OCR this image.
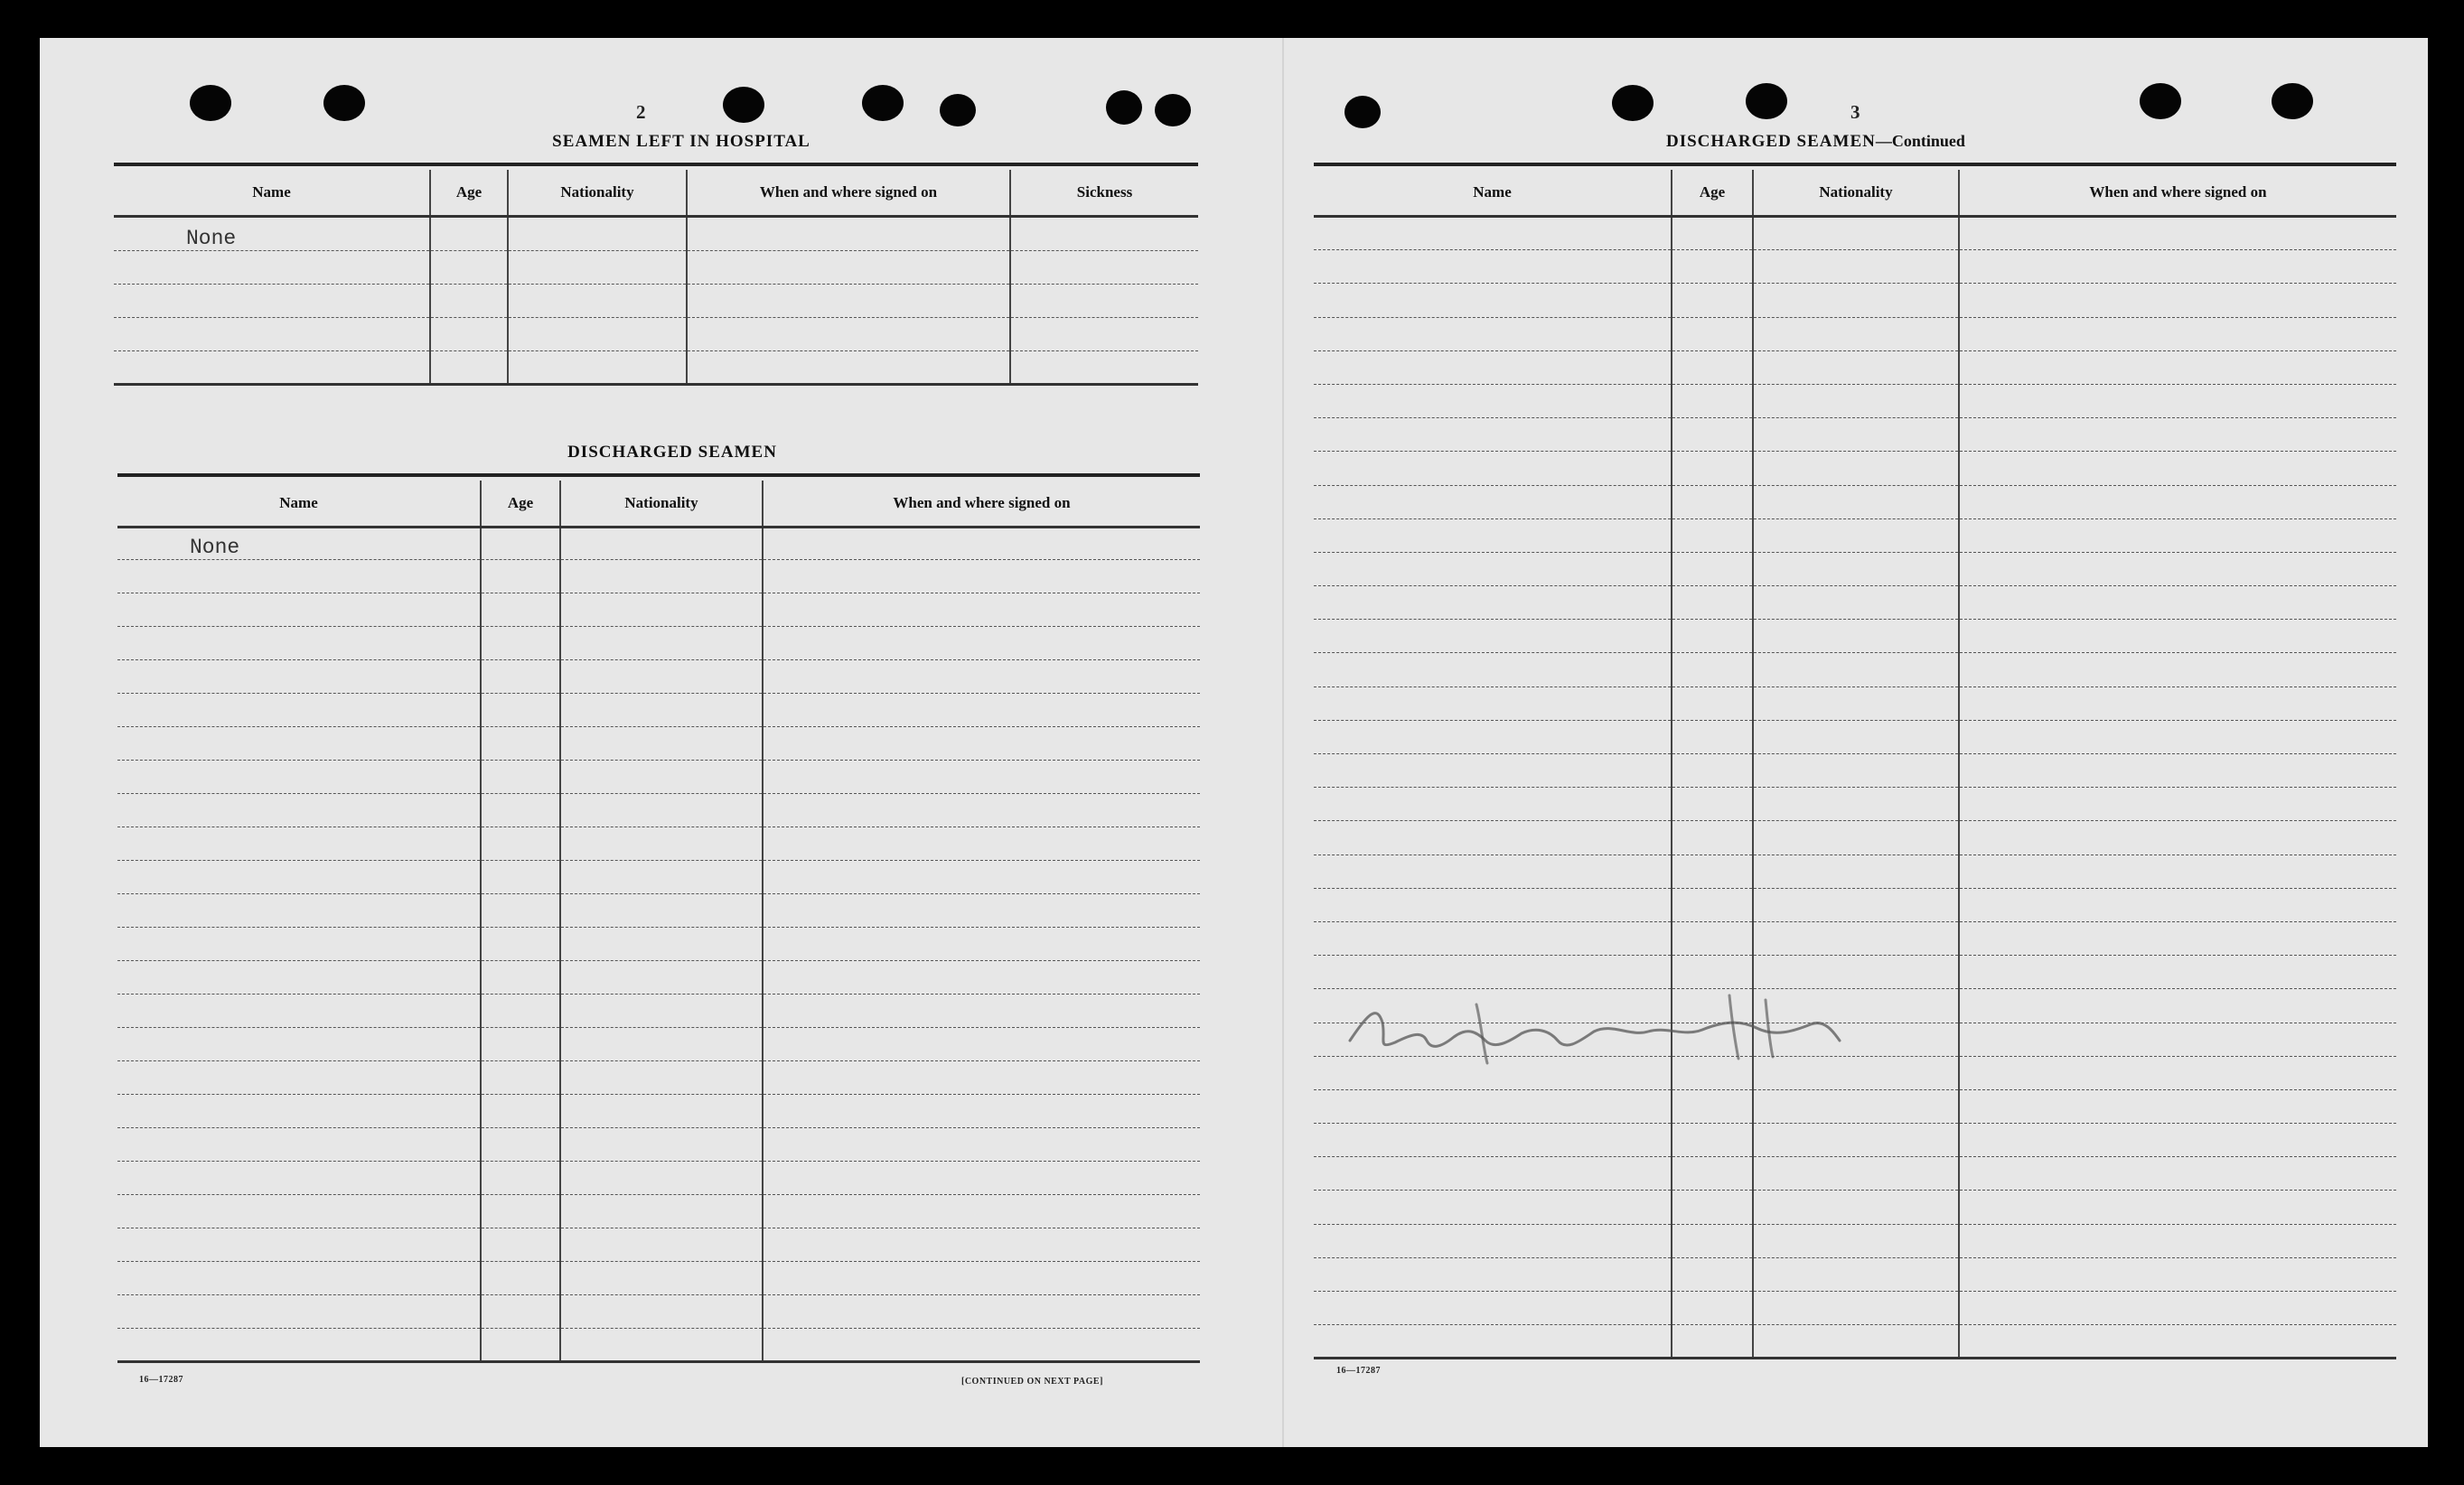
2
SEAMEN LEFT IN HOSPITAL
Name	Age	Nationality	When and where signed on	Sickness
None				

DISCHARGED SEAMEN
Name	Age	Nationality	When and where signed on
None			

16—17287	[CONTINUED ON NEXT PAGE]
3
DISCHARGED SEAMEN—Continued
Name	Age	Nationality	When and where signed on

16—17287
